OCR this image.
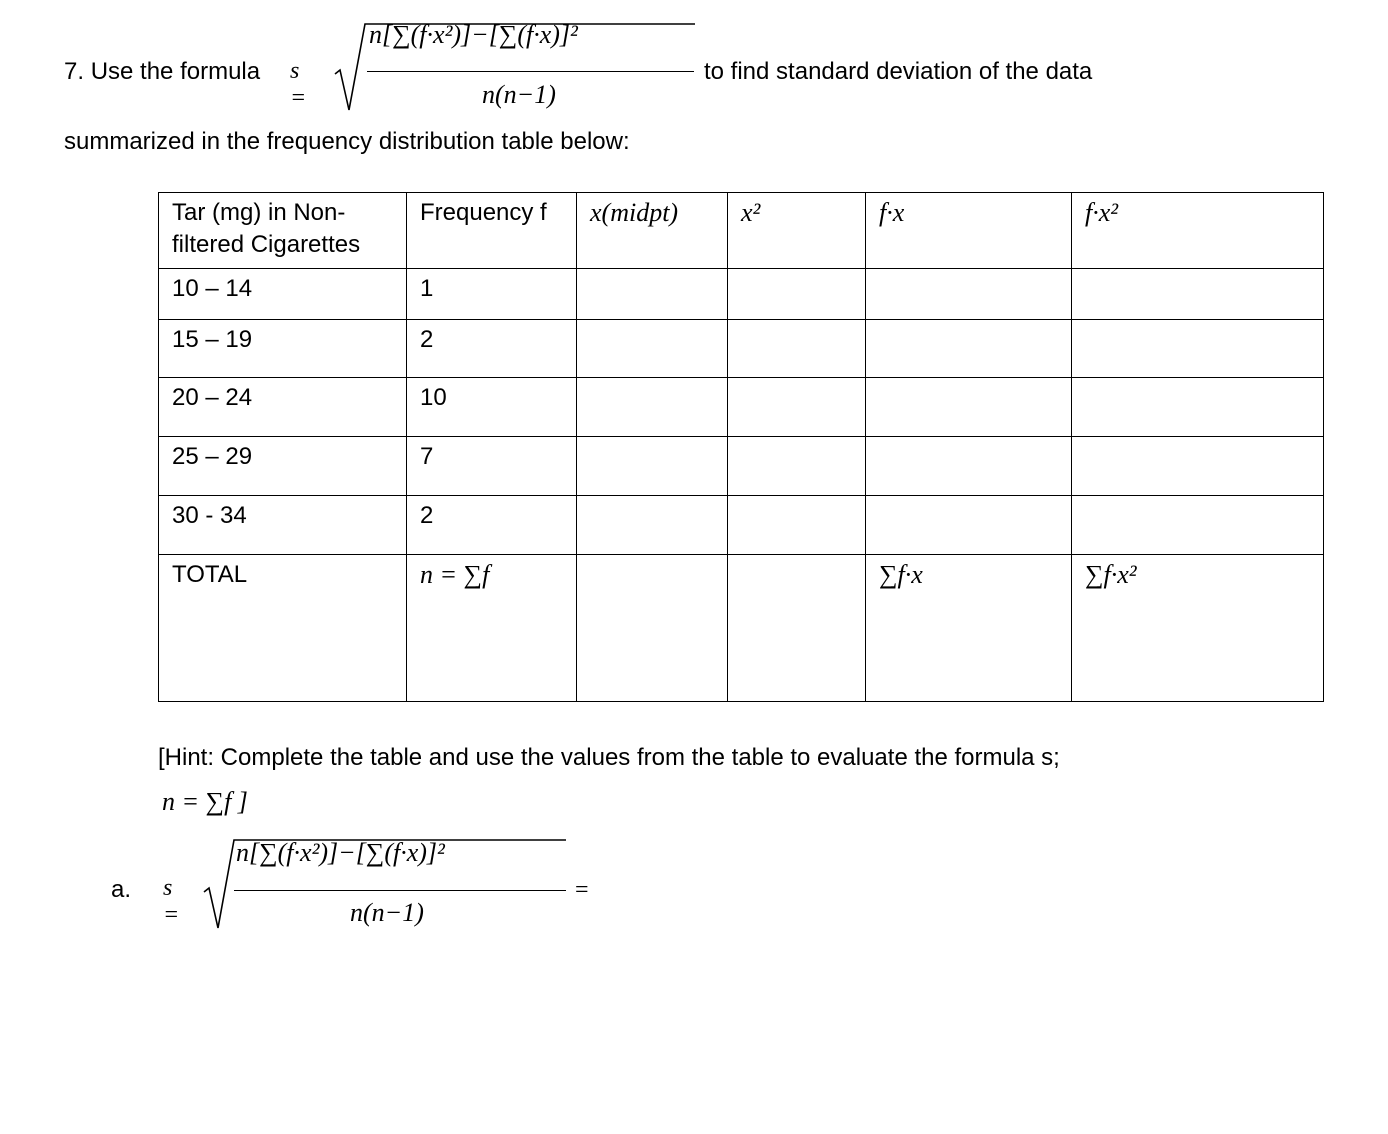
7. Use the formula s =
n[∑(f·x²)]−[∑(f·x)]²
n(n−1)
to find standard deviation of the data
summarized in the frequency distribution table below:
Tar (mg) in Non-filtered Cigarettes	Frequency f	x(midpt)	x²	f·x	f·x²
10 – 14	1				
15 – 19	2				
20 – 24	10				
25 – 29	7				
30 - 34	2				
TOTAL	n = ∑f			∑f·x	∑f·x²
[Hint: Complete the table and use the values from the table to evaluate the formula s;
n = ∑f ]
a. s =
n[∑(f·x²)]−[∑(f·x)]²
n(n−1)
=
